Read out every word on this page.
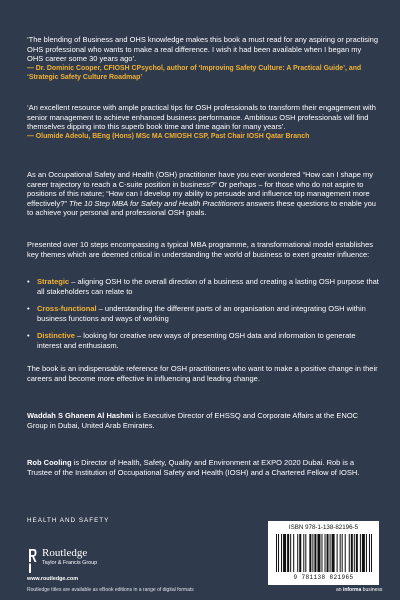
‘The blending of Business and OHS knowledge makes this book a must read for any aspiring or practising OHS professional who wants to make a real difference. I wish it had been available when I began my OHS career some 30 years ago’.

— Dr. Dominic Cooper, CFIOSH CPsychol, author of ‘Improving Safety Culture: A Practical Guide’, and ‘Strategic Safety Culture Roadmap’

‘An excellent resource with ample practical tips for OSH professionals to transform their engagement with senior management to achieve enhanced business performance. Ambitious OSH professionals will find themselves dipping into this superb book time and time again for many years’.

— Olumide Adeolu, BEng (Hons) MSc MA CMIOSH CSP, Past Chair IOSH Qatar Branch

As an Occupational Safety and Health (OSH) practitioner have you ever wondered “How can I shape my career trajectory to reach a C-suite position in business?” Or perhaps – for those who do not aspire to positions of this nature; “How can I develop my ability to persuade and influence top management more effectively?” The 10 Step MBA for Safety and Health Practitioners answers these questions to enable you to achieve your personal and professional OSH goals.

Presented over 10 steps encompassing a typical MBA programme, a transformational model establishes key themes which are deemed critical in understanding the world of business to exert greater influence:

• Strategic – aligning OSH to the overall direction of a business and creating a lasting OSH purpose that all stakeholders can relate to
• Cross-functional – understanding the different parts of an organisation and integrating OSH within business functions and ways of working
• Distinctive – looking for creative new ways of presenting OSH data and information to generate interest and enthusiasm.

The book is an indispensable reference for OSH practitioners who want to make a positive change in their careers and become more effective in influencing and leading change.

Waddah S Ghanem Al Hashmi is Executive Director of EHSSQ and Corporate Affairs at the ENOC Group in Dubai, United Arab Emirates.

Rob Cooling is Director of Health, Safety, Quality and Environment at EXPO 2020 Dubai. Rob is a Trustee of the Institution of Occupational Safety and Health (IOSH) and a Chartered Fellow of IOSH.

HEALTH AND SAFETY
Routledge
Taylor & Francis Group
www.routledge.com
Routledge titles are available as eBook editions in a range of digital formats
ISBN 978-1-138-82196-5
9 781138 821965
an informa business
